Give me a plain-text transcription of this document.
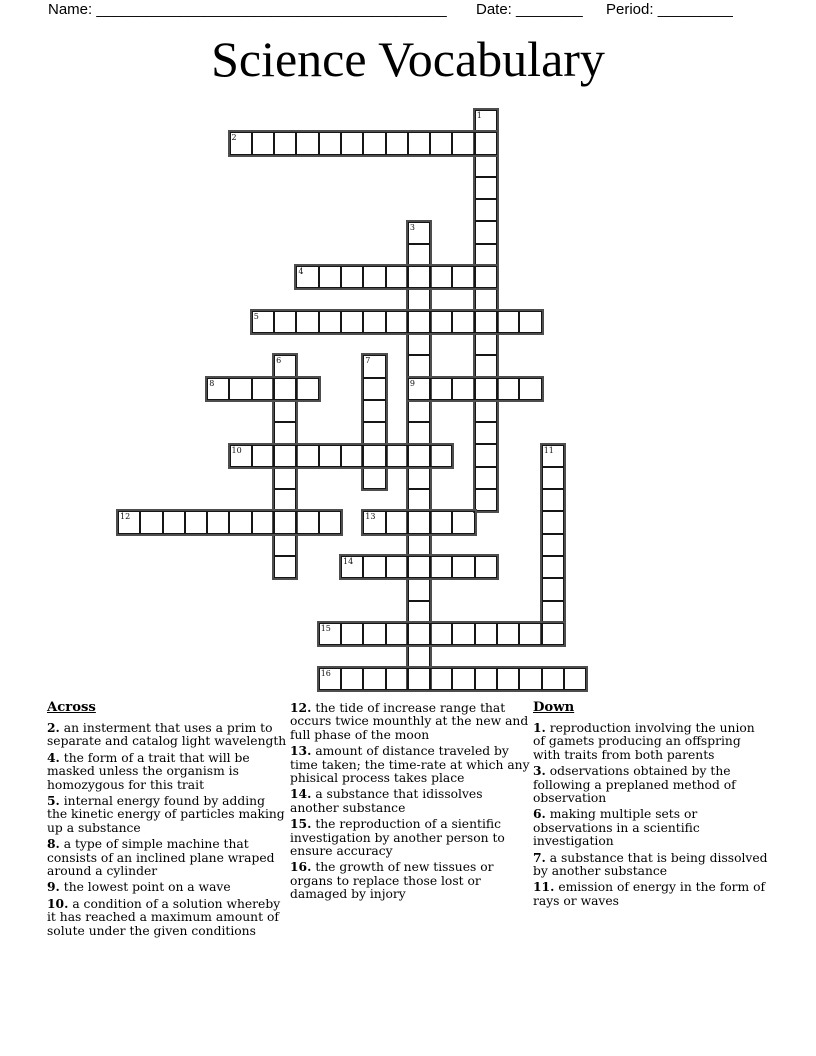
Name: __________________________________________ Date: ________ Period: _________
Science Vocabulary
1
2
3
4
5
6	7
8	9
10	11
12	13
14
15
16
Across
2. an insterment that uses a prim to separate and catalog light wavelength
4. the form of a trait that will be masked unless the organism is homozygous for this trait
5. internal energy found by adding the kinetic energy of particles making up a substance
8. a type of simple machine that consists of an inclined plane wraped around a cylinder
9. the lowest point on a wave
10. a condition of a solution whereby it has reached a maximum amount of solute under the given conditions
12. the tide of increase range that occurs twice mounthly at the new and full phase of the moon
13. amount of distance traveled by time taken; the time-rate at which any phisical process takes place
14. a substance that idissolves another substance
15. the reproduction of a sientific investigation by another person to ensure accuracy
16. the growth of new tissues or organs to replace those lost or damaged by injory
Down
1. reproduction involving the union of gamets producing an offspring with traits from both parents
3. odservations obtained by the following a preplaned method of observation
6. making multiple sets or observations in a scientific investigation
7. a substance that is being dissolved by another substance
11. emission of energy in the form of rays or waves
